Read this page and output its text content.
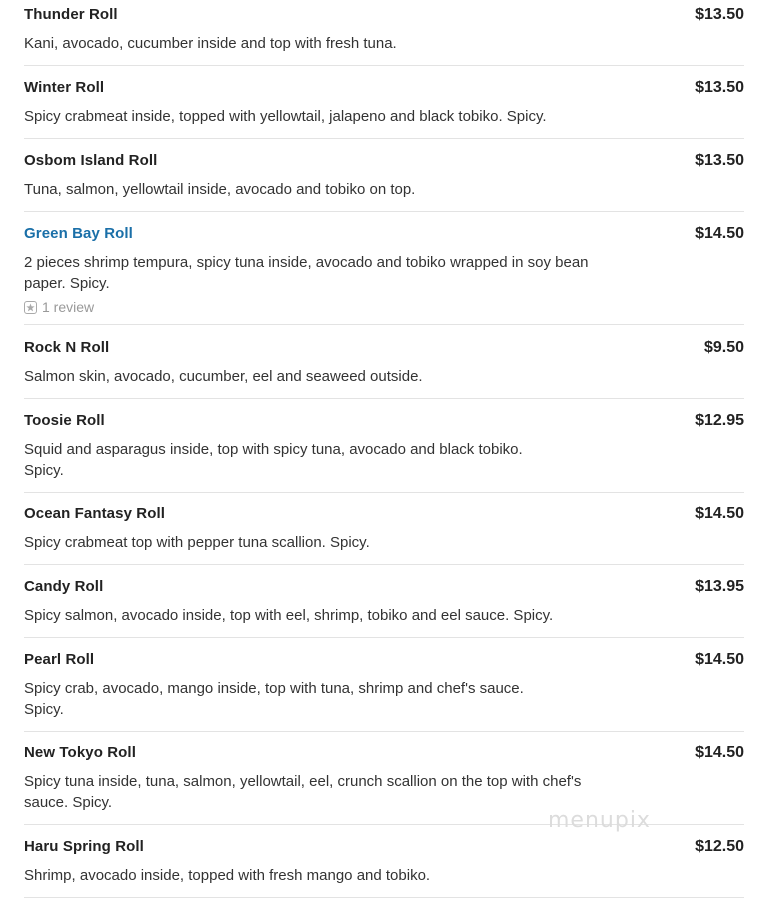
Thunder Roll	$13.50
Kani, avocado, cucumber inside and top with fresh tuna.
Winter Roll	$13.50
Spicy crabmeat inside, topped with yellowtail, jalapeno and black tobiko. Spicy.
Osbom Island Roll	$13.50
Tuna, salmon, yellowtail inside, avocado and tobiko on top.
Green Bay Roll	$14.50
2 pieces shrimp tempura, spicy tuna inside, avocado and tobiko wrapped in soy bean paper. Spicy.
1 review
Rock N Roll	$9.50
Salmon skin, avocado, cucumber, eel and seaweed outside.
Toosie Roll	$12.95
Squid and asparagus inside, top with spicy tuna, avocado and black tobiko. Spicy.
Ocean Fantasy Roll	$14.50
Spicy crabmeat top with pepper tuna scallion. Spicy.
Candy Roll	$13.95
Spicy salmon, avocado inside, top with eel, shrimp, tobiko and eel sauce. Spicy.
Pearl Roll	$14.50
Spicy crab, avocado, mango inside, top with tuna, shrimp and chef's sauce. Spicy.
New Tokyo Roll	$14.50
Spicy tuna inside, tuna, salmon, yellowtail, eel, crunch scallion on the top with chef's sauce. Spicy.
Haru Spring Roll	$12.50
Shrimp, avocado inside, topped with fresh mango and tobiko.
menupix
